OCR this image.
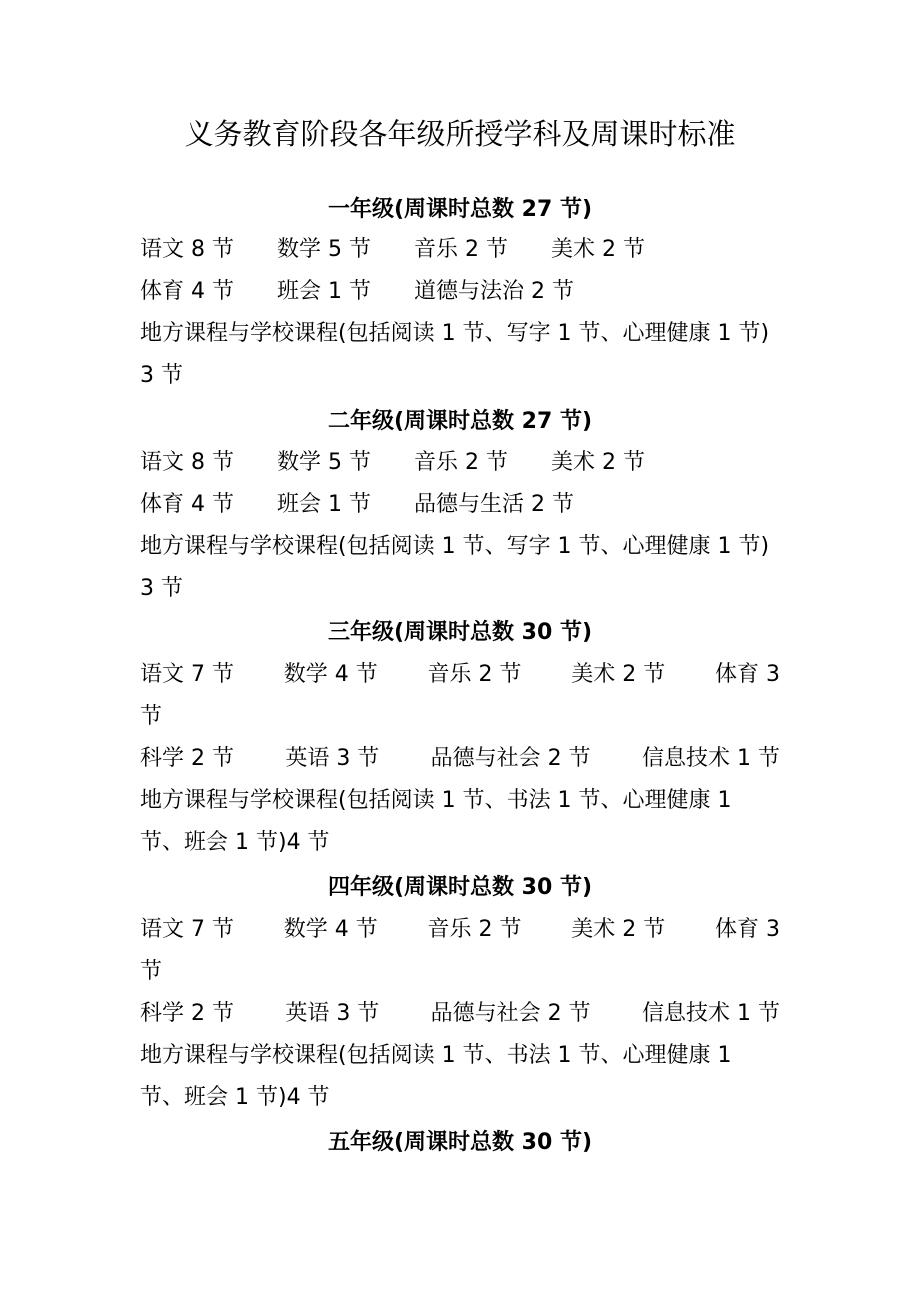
义务教育阶段各年级所授学科及周课时标准
一年级(周课时总数 27 节)
语文 8 节	数学 5 节	音乐 2 节	美术 2 节
体育 4 节	班会 1 节	道德与法治 2 节
地方课程与学校课程(包括阅读 1 节、写字 1 节、心理健康 1 节)3 节
二年级(周课时总数 27 节)
语文 8 节	数学 5 节	音乐 2 节	美术 2 节
体育 4 节	班会 1 节	品德与生活 2 节
地方课程与学校课程(包括阅读 1 节、写字 1 节、心理健康 1 节)3 节
三年级(周课时总数 30 节)
语文 7 节 数学 4 节 音乐 2 节 美术 2 节 体育 3
节
科学 2 节 英语 3 节 品德与社会 2 节 信息技术 1 节
地方课程与学校课程(包括阅读 1 节、书法 1 节、心理健康 1 节、班会 1 节)4 节
四年级(周课时总数 30 节)
语文 7 节 数学 4 节 音乐 2 节 美术 2 节 体育 3
节
科学 2 节 英语 3 节 品德与社会 2 节 信息技术 1 节
地方课程与学校课程(包括阅读 1 节、书法 1 节、心理健康 1 节、班会 1 节)4 节
五年级(周课时总数 30 节)
